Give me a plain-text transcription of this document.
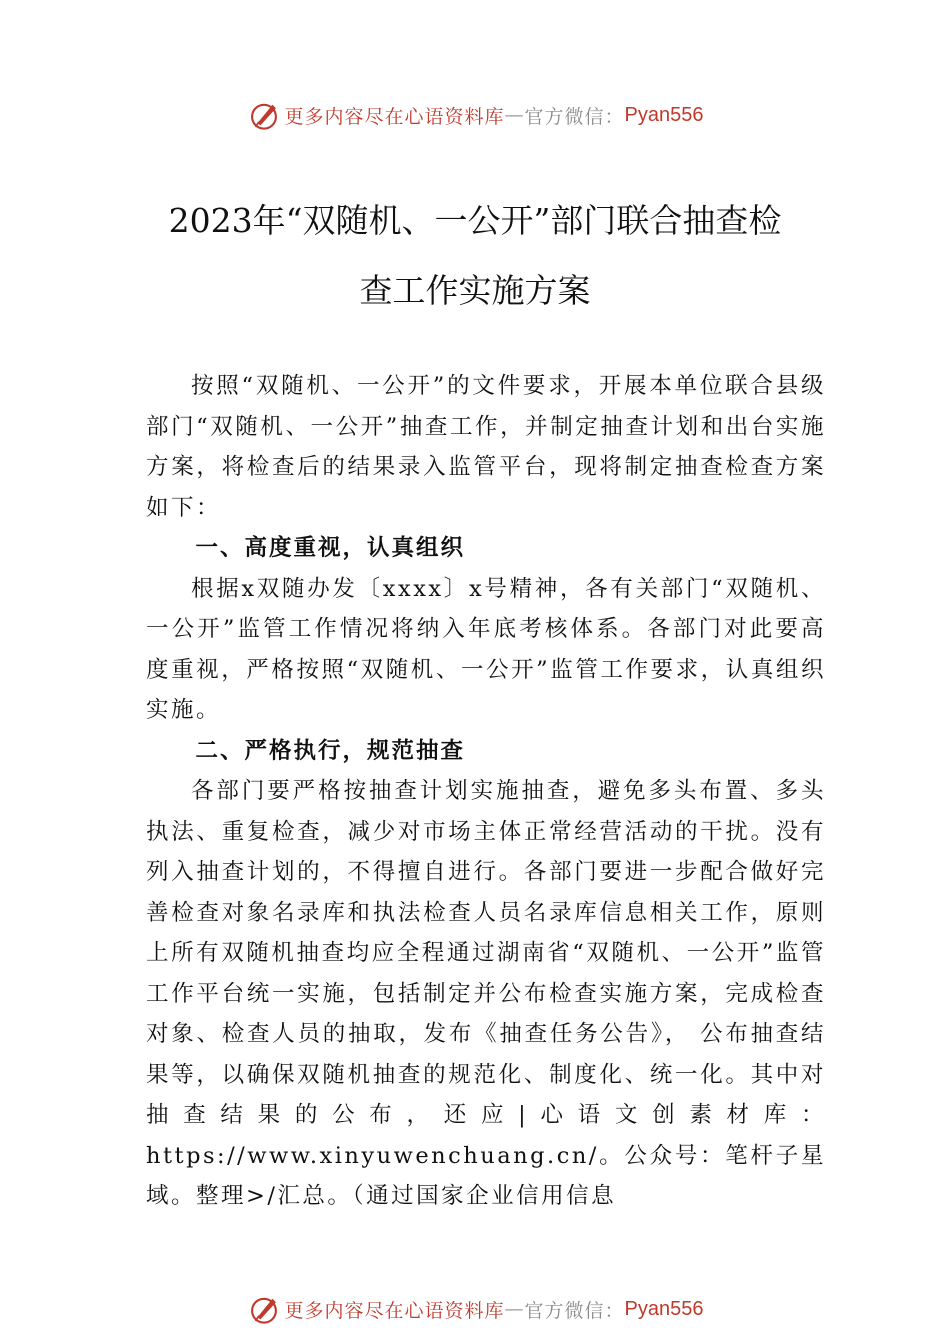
更多内容尽在心语资料库 — 官方微信： Pyan556
2023年“双随机、一公开”部门联合抽查检
查工作实施方案

按照“双随机、一公开”的文件要求，开展本单位联合县级部门“双随机、一公开”抽查工作，并制定抽查计划和出台实施方案，将检查后的结果录入监管平台，现将制定抽查检查方案如下：

一、高度重视，认真组织

根据x双随办发〔xxxx〕x号精神，各有关部门“双随机、一公开”监管工作情况将纳入年底考核体系。各部门对此要高度重视，严格按照“双随机、一公开”监管工作要求，认真组织实施。

二、严格执行，规范抽查

各部门要严格按抽查计划实施抽查，避免多头布置、多头执法、重复检查，减少对市场主体正常经营活动的干扰。没有列入抽查计划的，不得擅自进行。各部门要进一步配合做好完善检查对象名录库和执法检查人员名录库信息相关工作，原则上所有双随机抽查均应全程通过湖南省“双随机、一公开”监管工作平台统一实施，包括制定并公布检查实施方案，完成检查对象、检查人员的抽取，发布《抽查任务公告》， 公布抽查结果等，以确保双随机抽查的规范化、制度化、统一化。其中对抽查结果的公布，还应|心语文创素材库：https://www.xinyuwenchuang.cn/。公众号：笔杆子星域。整理>/汇总。（通过国家企业信用信息

更多内容尽在心语资料库 — 官方微信： Pyan556
